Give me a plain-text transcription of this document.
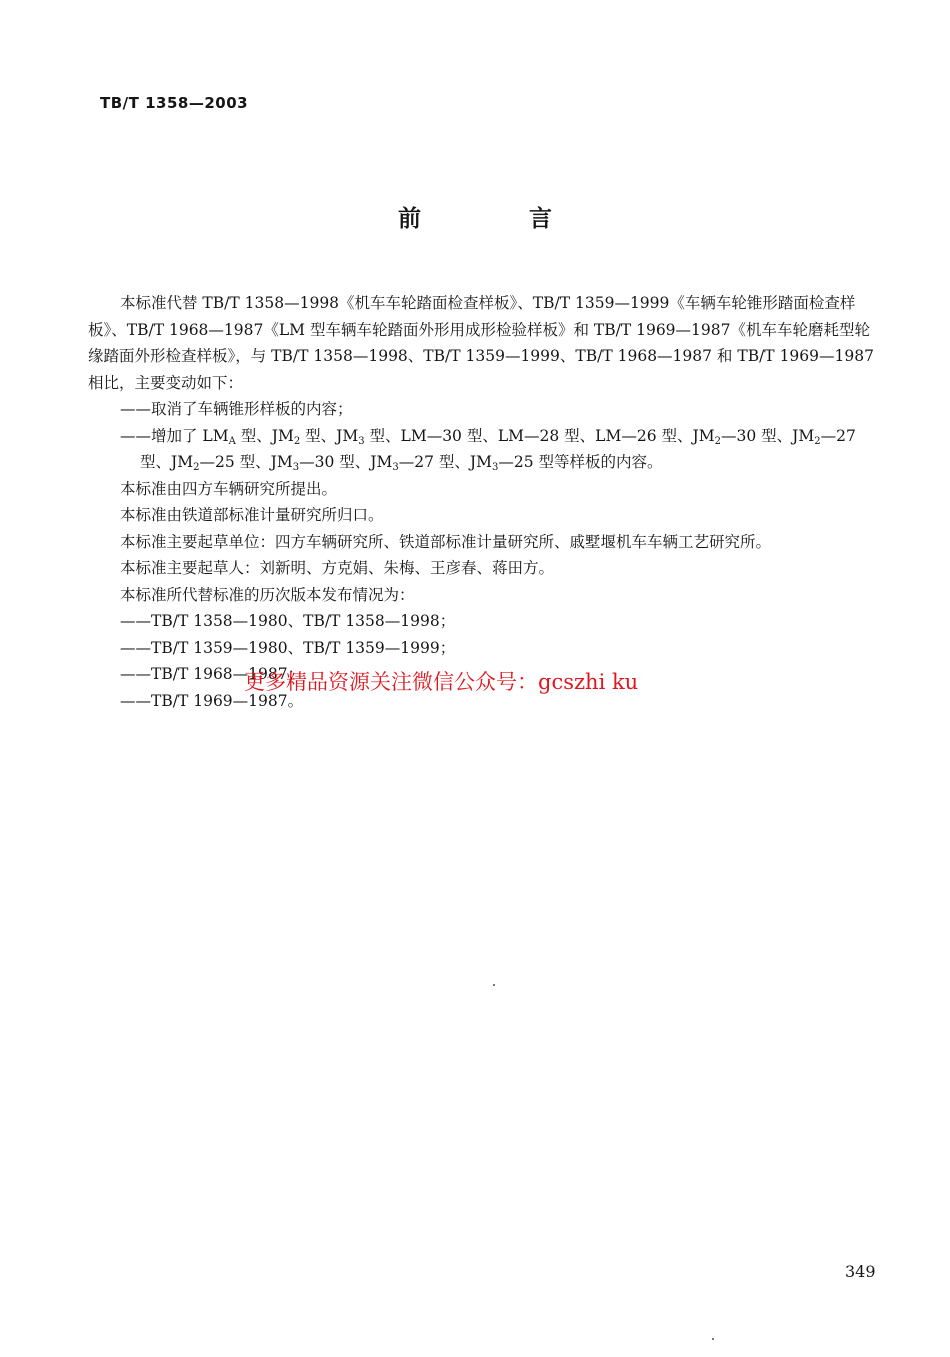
TB/T 1358—2003
前 言

本标准代替 TB/T 1358—1998《机车车轮踏面检查样板》、TB/T 1359—1999《车辆车轮锥形踏面检查样板》、TB/T 1968—1987《LM 型车辆车轮踏面外形用成形检验样板》和 TB/T 1969—1987《机车车轮磨耗型轮缘踏面外形检查样板》，与 TB/T 1358—1998、TB/T 1359—1999、TB/T 1968—1987 和 TB/T 1969—1987 相比，主要变动如下：

——取消了车辆锥形样板的内容；

——增加了 $LM_A$ 型、$JM_2$ 型、$JM_3$ 型、LM—30 型、LM—28 型、LM—26 型、$JM_2—30$ 型、$JM_2—27$ 型、$JM_2—25$ 型、$JM_3—30$ 型、$JM_3—27$ 型、$JM_3—25$ 型等样板的内容。

本标准由四方车辆研究所提出。

本标准由铁道部标准计量研究所归口。

本标准主要起草单位：四方车辆研究所、铁道部标准计量研究所、戚墅堰机车车辆工艺研究所。

本标准主要起草人：刘新明、方克娟、朱梅、王彦春、蒋田方。

本标准所代替标准的历次版本发布情况为：

——TB/T 1358—1980、TB/T 1358—1998；

——TB/T 1359—1980、TB/T 1359—1999；

——TB/T 1968—1987；

——TB/T 1969—1987。

更多精品资源关注微信公众号：gcszhi ku
349
